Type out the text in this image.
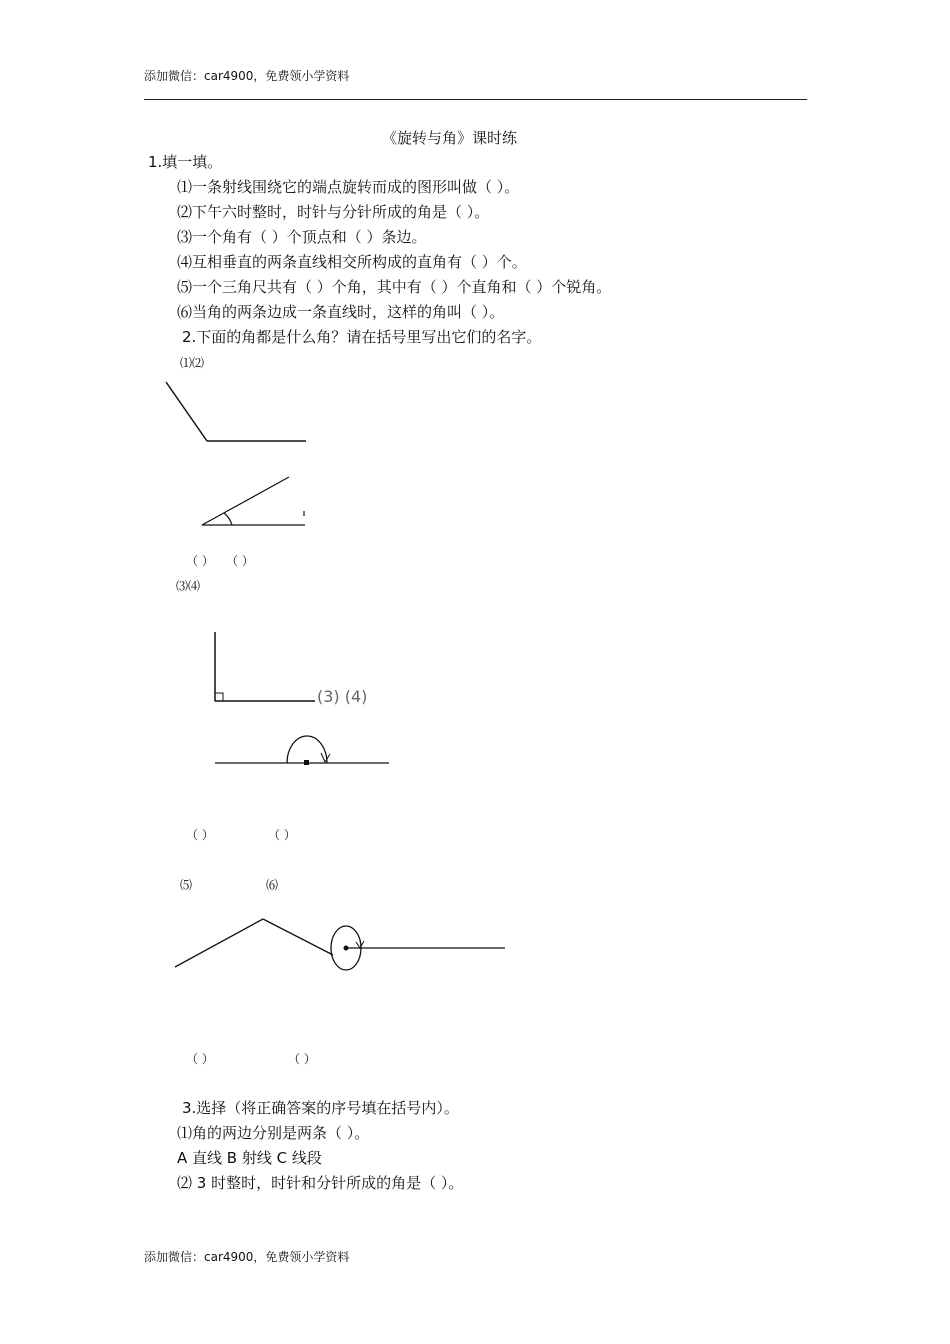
添加微信：car4900，免费领小学资料
添加微信：car4900，免费领小学资料
《旋转与角》课时练
1.填一填。
⑴一条射线围绕它的端点旋转而成的图形叫做（ ）。
⑵下午六时整时，时针与分针所成的角是（ ）。
⑶一个角有（ ）个顶点和（ ）条边。
⑷互相垂直的两条直线相交所构成的直角有（ ）个。
⑸一个三角尺共有（ ）个角，其中有（ ）个直角和（ ）个锐角。
⑹当角的两条边成一条直线时，这样的角叫（ ）。
2.下面的角都是什么角？请在括号里写出它们的名字。
⑴⑵
（ ） （ ）
⑶⑷
(3) (4)
（ ）	（ ）
⑸	⑹
（ ）	（ ）
3.选择（将正确答案的序号填在括号内）。
⑴角的两边分别是两条（ ）。
A 直线 B 射线 C 线段
⑵ 3 时整时，时针和分针所成的角是（ ）。
